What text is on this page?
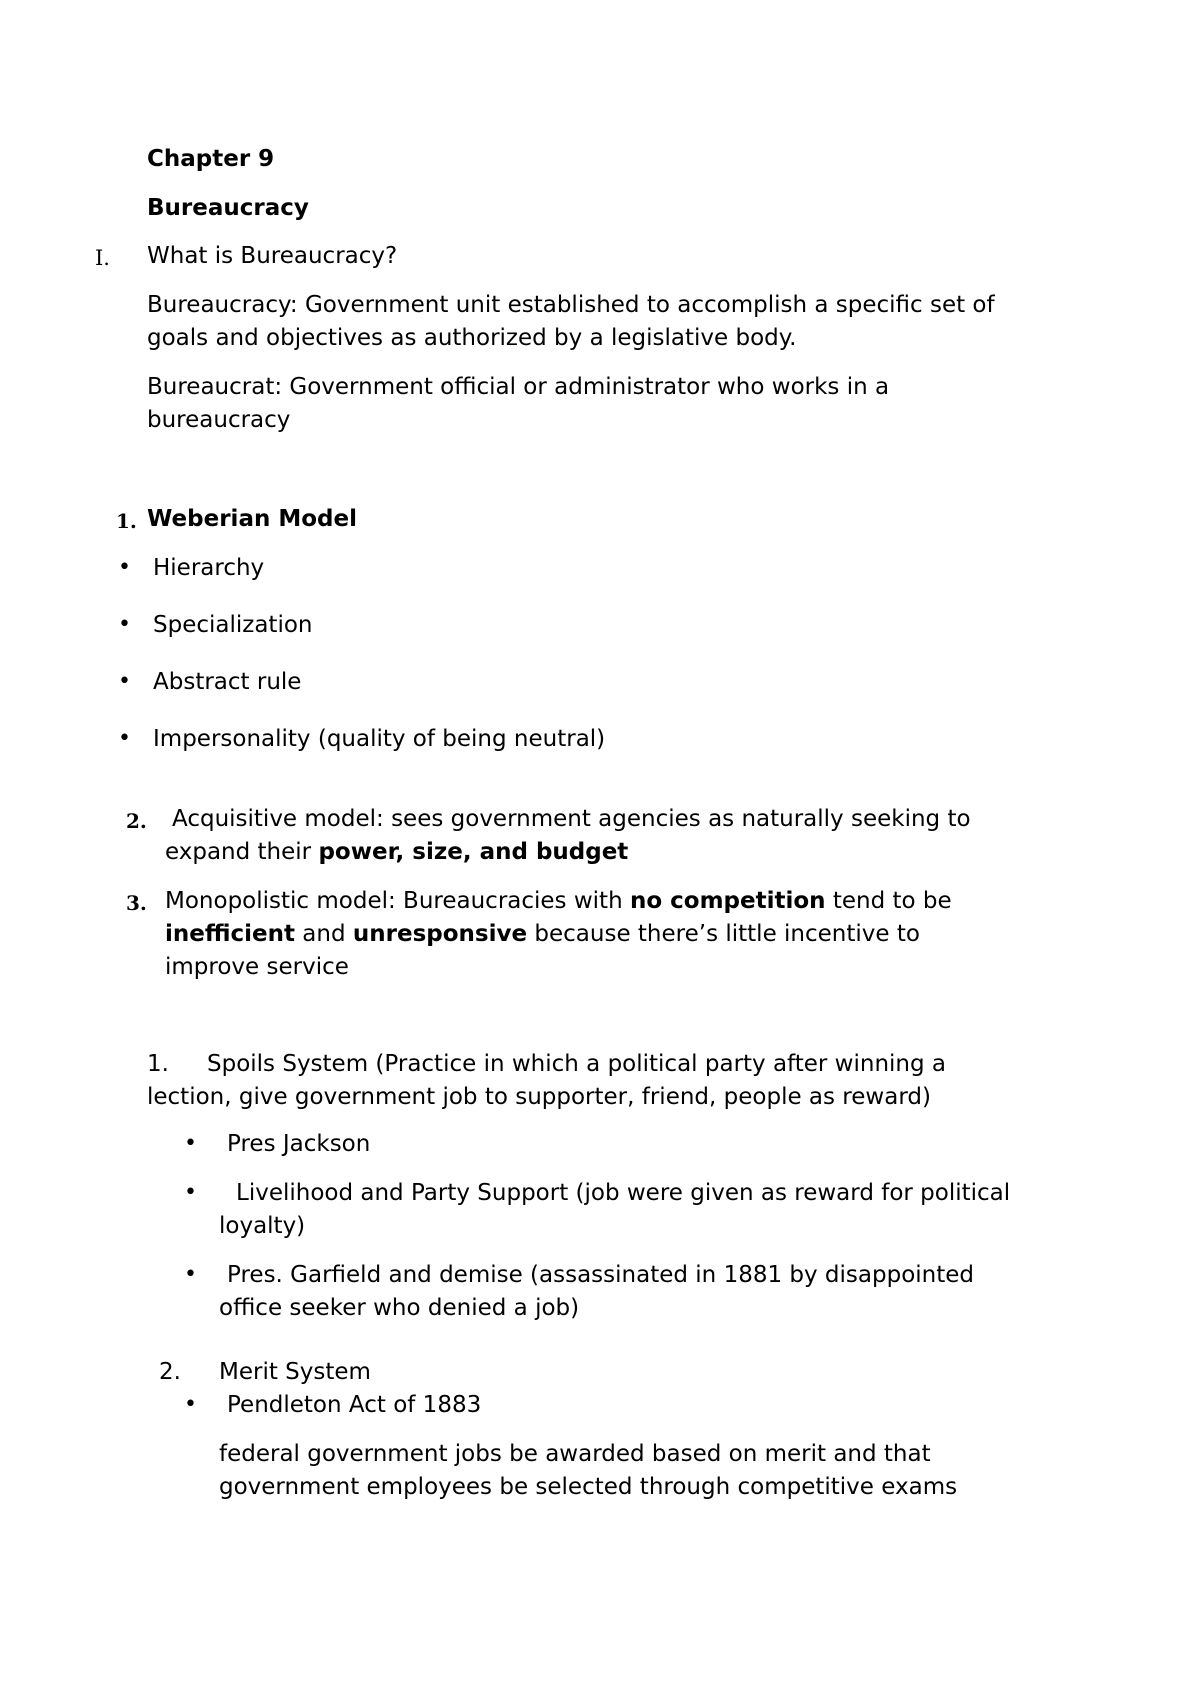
Chapter 9
Bureaucracy
I. What is Bureaucracy?
Bureaucracy: Government unit established to accomplish a specific set of
goals and objectives as authorized by a legislative body.
Bureaucrat: Government official or administrator who works in a
bureaucracy
1. Weberian Model
• Hierarchy
• Specialization
• Abstract rule
• Impersonality (quality of being neutral)
2. Acquisitive model: sees government agencies as naturally seeking to
expand their power, size, and budget
3. Monopolistic model: Bureaucracies with no competition tend to be
inefficient and unresponsive because there’s little incentive to
improve service
1. Spoils System (Practice in which a political party after winning a
lection, give government job to supporter, friend, people as reward)
• Pres Jackson
• Livelihood and Party Support (job were given as reward for political
loyalty)
• Pres. Garfield and demise (assassinated in 1881 by disappointed
office seeker who denied a job)
2. Merit System
• Pendleton Act of 1883
federal government jobs be awarded based on merit and that
government employees be selected through competitive exams
